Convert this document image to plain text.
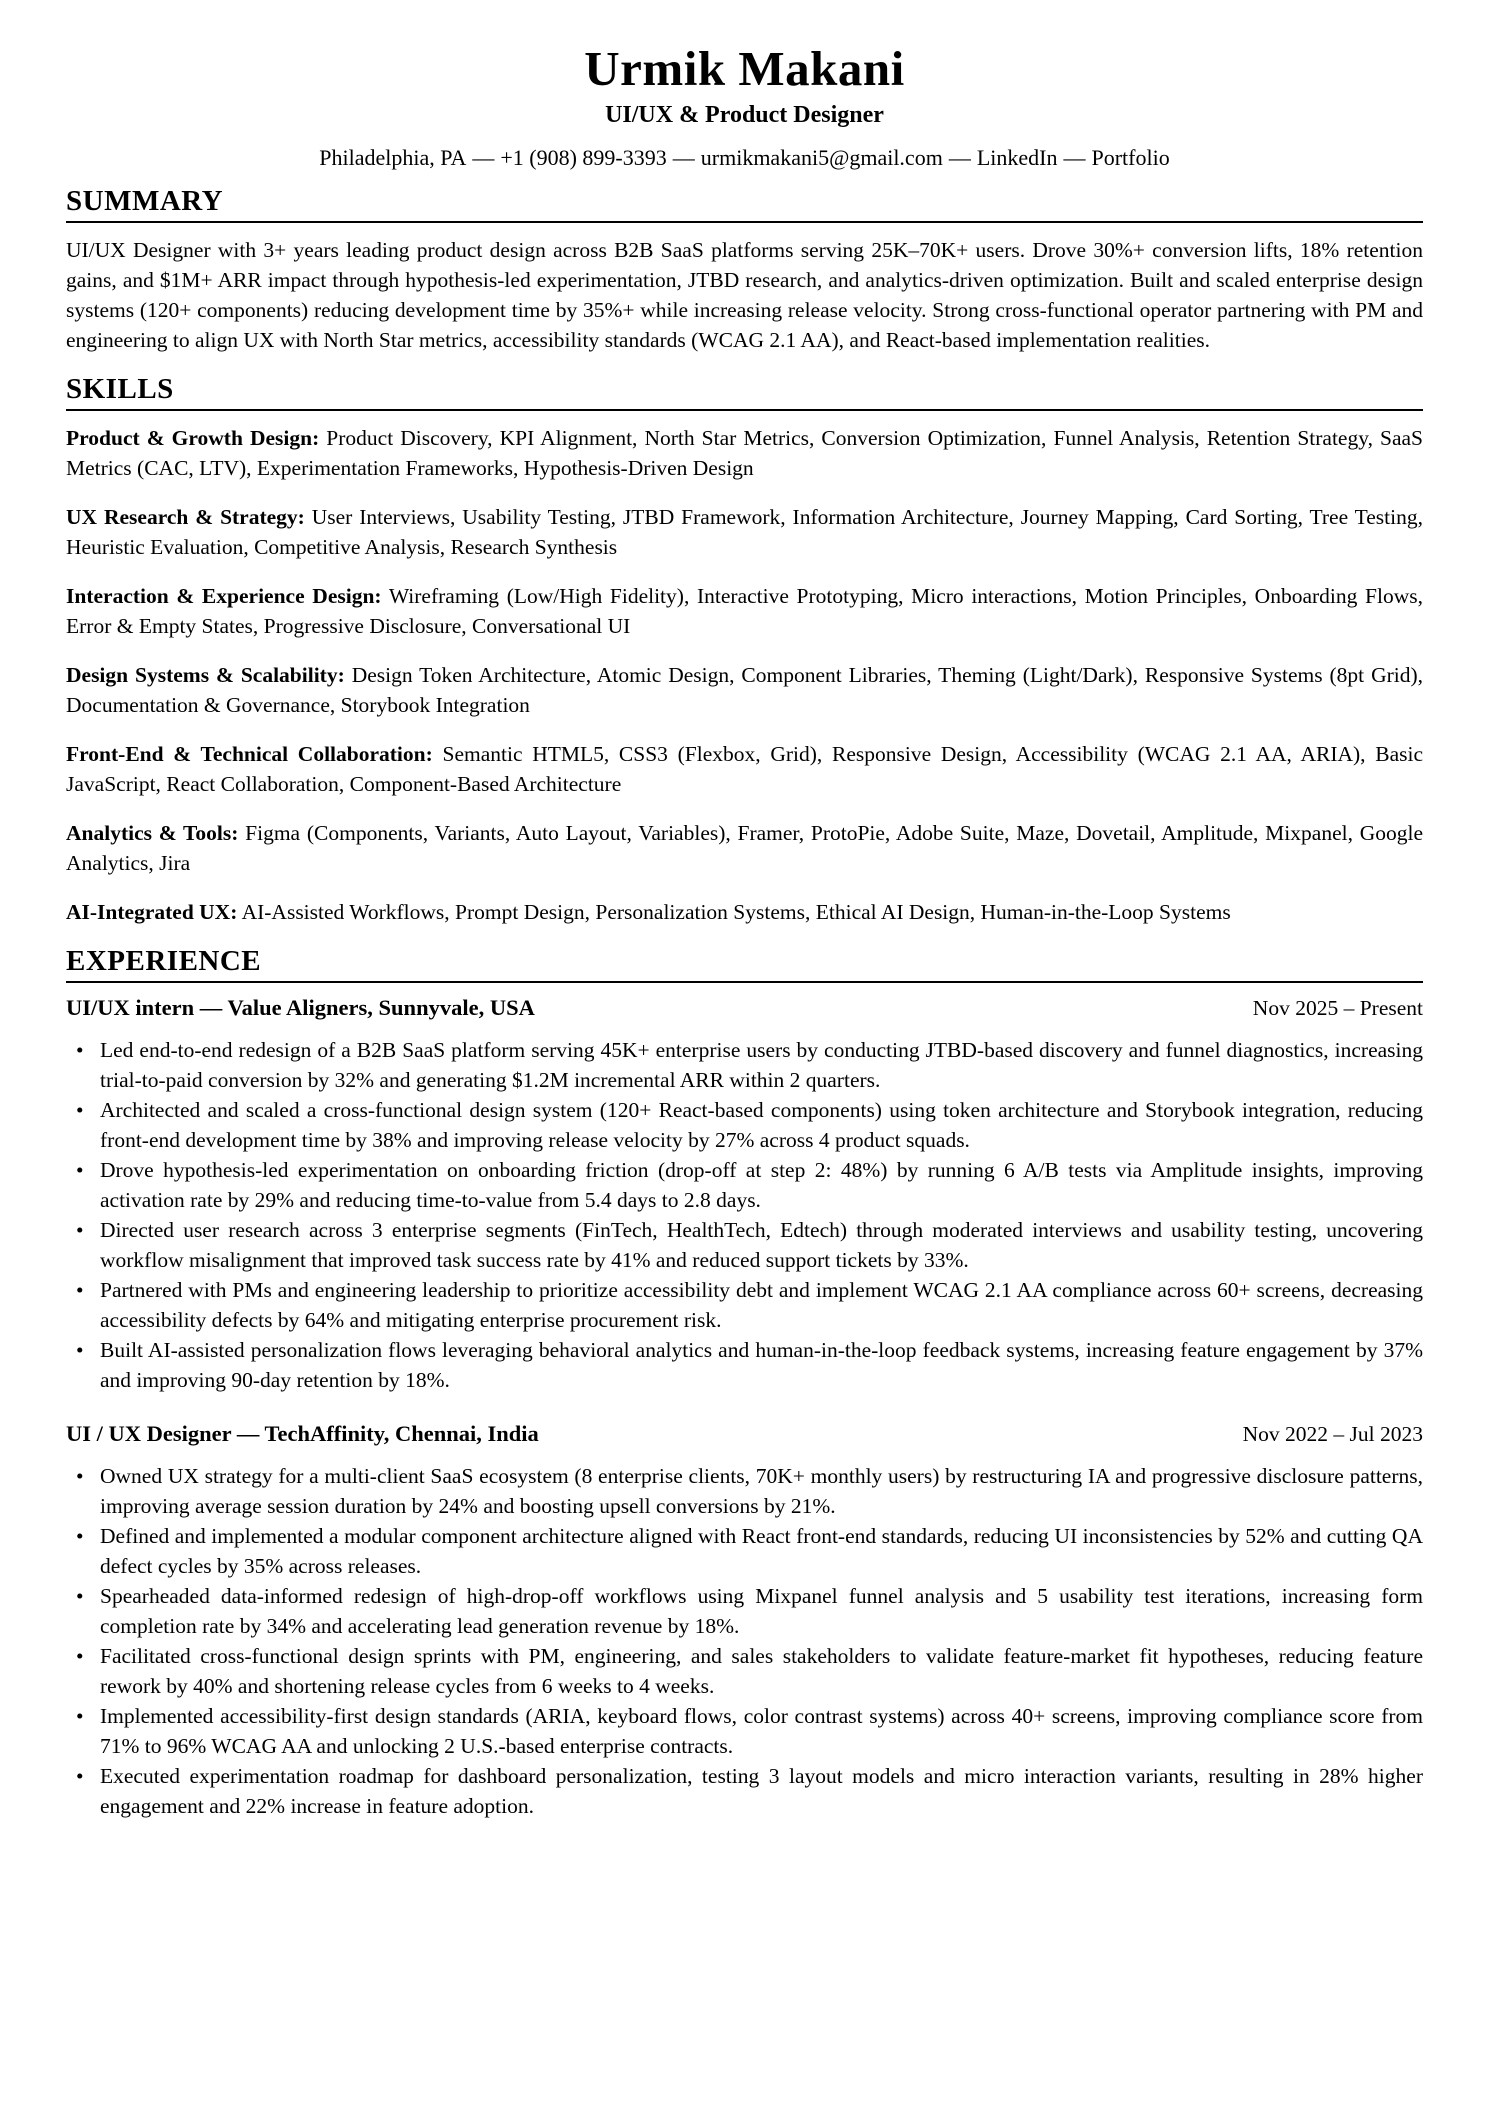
Urmik Makani
UI/UX & Product Designer
Philadelphia, PA — +1 (908) 899-3393 — urmikmakani5@gmail.com — LinkedIn — Portfolio
SUMMARY

UI/UX Designer with 3+ years leading product design across B2B SaaS platforms serving 25K–70K+ users. Drove 30%+ conversion lifts, 18% retention gains, and $1M+ ARR impact through hypothesis-led experimentation, JTBD research, and analytics-driven optimization. Built and scaled enterprise design systems (120+ components) reducing development time by 35%+ while increasing release velocity. Strong cross-functional operator partnering with PM and engineering to align UX with North Star metrics, accessibility standards (WCAG 2.1 AA), and React-based implementation realities.

SKILLS

Product & Growth Design: Product Discovery, KPI Alignment, North Star Metrics, Conversion Optimization, Funnel Analysis, Retention Strategy, SaaS Metrics (CAC, LTV), Experimentation Frameworks, Hypothesis-Driven Design

UX Research & Strategy: User Interviews, Usability Testing, JTBD Framework, Information Architecture, Journey Mapping, Card Sorting, Tree Testing, Heuristic Evaluation, Competitive Analysis, Research Synthesis

Interaction & Experience Design: Wireframing (Low/High Fidelity), Interactive Prototyping, Micro interactions, Motion Principles, Onboarding Flows, Error & Empty States, Progressive Disclosure, Conversational UI

Design Systems & Scalability: Design Token Architecture, Atomic Design, Component Libraries, Theming (Light/Dark), Responsive Systems (8pt Grid), Documentation & Governance, Storybook Integration

Front-End & Technical Collaboration: Semantic HTML5, CSS3 (Flexbox, Grid), Responsive Design, Accessibility (WCAG 2.1 AA, ARIA), Basic JavaScript, React Collaboration, Component-Based Architecture

Analytics & Tools: Figma (Components, Variants, Auto Layout, Variables), Framer, ProtoPie, Adobe Suite, Maze, Dovetail, Amplitude, Mixpanel, Google Analytics, Jira

AI-Integrated UX: AI-Assisted Workflows, Prompt Design, Personalization Systems, Ethical AI Design, Human-in-the-Loop Systems

EXPERIENCE
UI/UX intern — Value Aligners, Sunnyvale, USA	Nov 2025 – Present
• Led end-to-end redesign of a B2B SaaS platform serving 45K+ enterprise users by conducting JTBD-based discovery and funnel diagnostics, increasing trial-to-paid conversion by 32% and generating $1.2M incremental ARR within 2 quarters.
• Architected and scaled a cross-functional design system (120+ React-based components) using token architecture and Storybook integration, reducing front-end development time by 38% and improving release velocity by 27% across 4 product squads.
• Drove hypothesis-led experimentation on onboarding friction (drop-off at step 2: 48%) by running 6 A/B tests via Amplitude insights, improving activation rate by 29% and reducing time-to-value from 5.4 days to 2.8 days.
• Directed user research across 3 enterprise segments (FinTech, HealthTech, Edtech) through moderated interviews and usability testing, uncovering workflow misalignment that improved task success rate by 41% and reduced support tickets by 33%.
• Partnered with PMs and engineering leadership to prioritize accessibility debt and implement WCAG 2.1 AA compliance across 60+ screens, decreasing accessibility defects by 64% and mitigating enterprise procurement risk.
• Built AI-assisted personalization flows leveraging behavioral analytics and human-in-the-loop feedback systems, increasing feature engagement by 37% and improving 90-day retention by 18%.
UI / UX Designer — TechAffinity, Chennai, India	Nov 2022 – Jul 2023
• Owned UX strategy for a multi-client SaaS ecosystem (8 enterprise clients, 70K+ monthly users) by restructuring IA and progressive disclosure patterns, improving average session duration by 24% and boosting upsell conversions by 21%.
• Defined and implemented a modular component architecture aligned with React front-end standards, reducing UI inconsistencies by 52% and cutting QA defect cycles by 35% across releases.
• Spearheaded data-informed redesign of high-drop-off workflows using Mixpanel funnel analysis and 5 usability test iterations, increasing form completion rate by 34% and accelerating lead generation revenue by 18%.
• Facilitated cross-functional design sprints with PM, engineering, and sales stakeholders to validate feature-market fit hypotheses, reducing feature rework by 40% and shortening release cycles from 6 weeks to 4 weeks.
• Implemented accessibility-first design standards (ARIA, keyboard flows, color contrast systems) across 40+ screens, improving compliance score from 71% to 96% WCAG AA and unlocking 2 U.S.-based enterprise contracts.
• Executed experimentation roadmap for dashboard personalization, testing 3 layout models and micro interaction variants, resulting in 28% higher engagement and 22% increase in feature adoption.
